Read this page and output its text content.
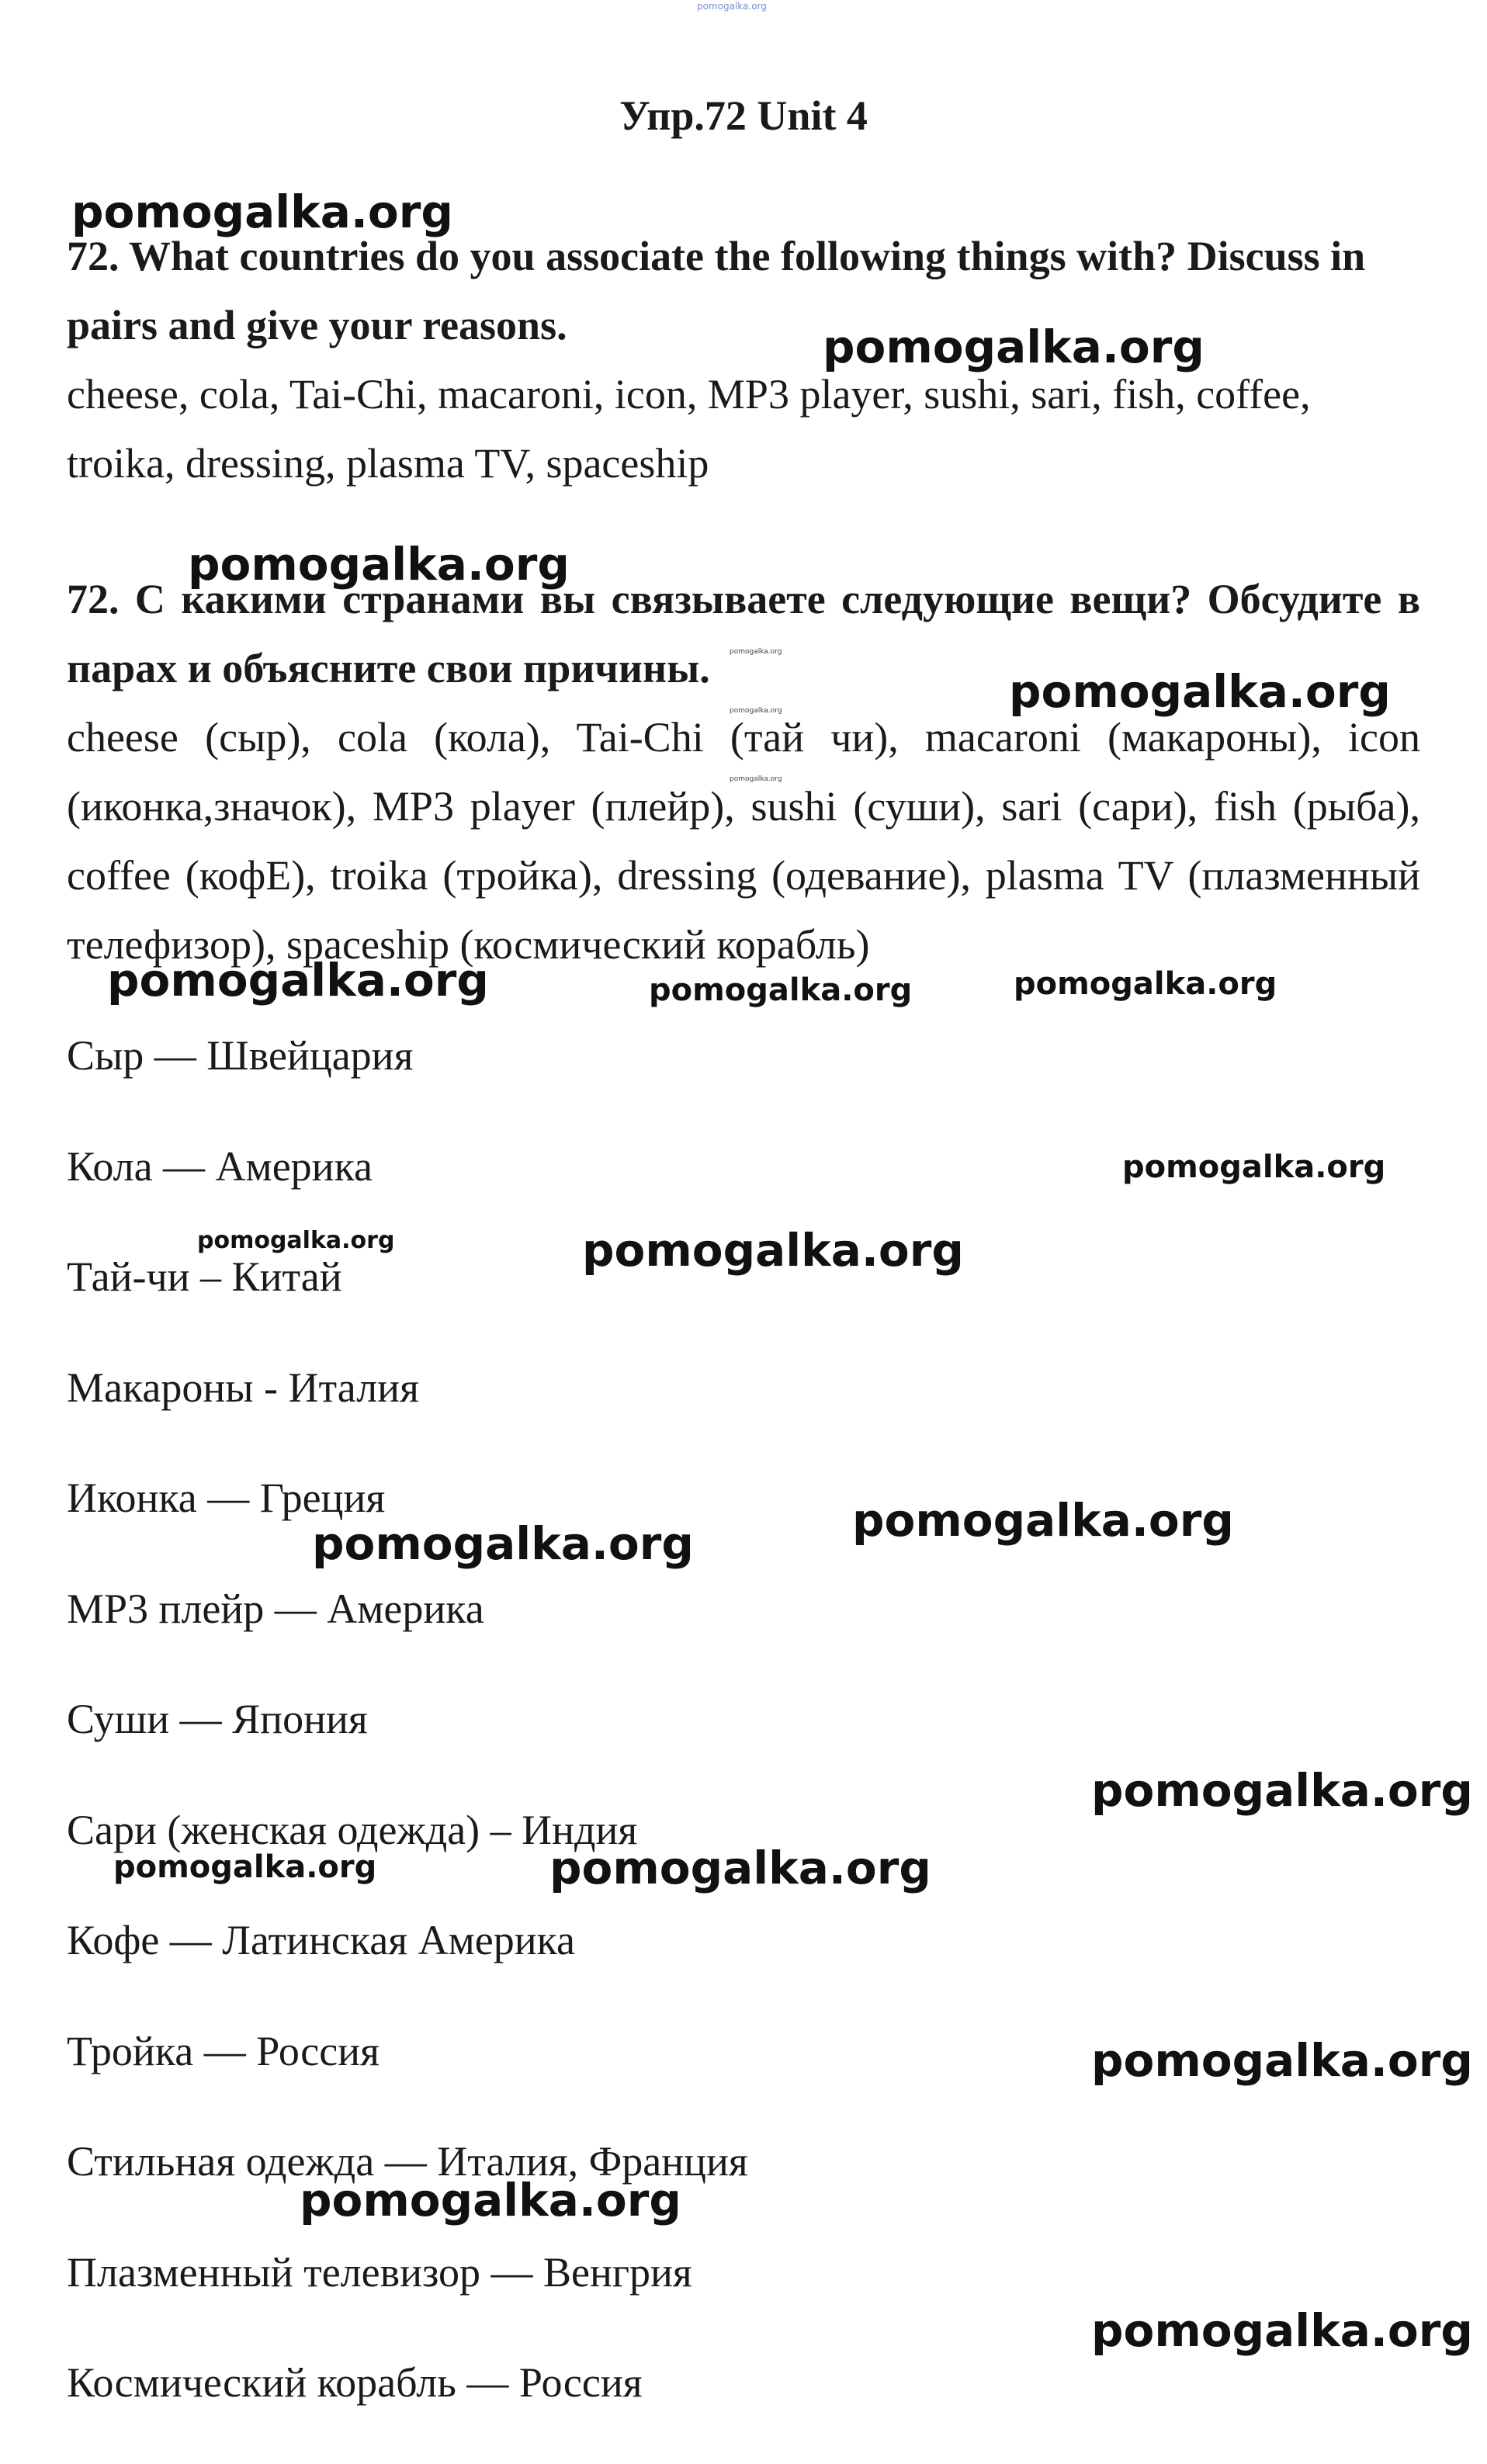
pomogalka.org
Упр.72 Unit 4

72. What countries do you associate the following things with? Discuss in pairs and give your reasons.

cheese, cola, Tai-Chi, macaroni, icon, MP3 player, sushi, sari, fish, coffee, troika, dressing, plasma TV, spaceship

72. С какими странами вы связываете следующие вещи? Обсудите в парах и объясните свои причины.

cheese (сыр), cola (кола), Tai-Chi (тай чи), macaroni (макароны), icon (иконка,значок), MP3 player (плейр), sushi (суши), sari (сари), fish (рыба), coffee (кофЕ), troika (тройка), dressing (одевание), plasma TV (плазменный телефизор), spaceship (космический корабль)

Сыр — Швейцария
Кола — Америка
Тай-чи – Китай
Макароны - Италия
Иконка — Греция
MP3 плейр — Америка
Суши — Япония
Сари (женская одежда) – Индия
Кофе — Латинская Америка
Тройка — Россия
Стильная одежда — Италия, Франция
Плазменный телевизор — Венгрия
Космический корабль — Россия
pomogalka.org
pomogalka.org
pomogalka.org
pomogalka.org
pomogalka.org
pomogalka.org
pomogalka.org
pomogalka.org	pomogalka.org	pomogalka.org
pomogalka.org
pomogalka.org	pomogalka.org
pomogalka.org
pomogalka.org
pomogalka.org
pomogalka.org	pomogalka.org
pomogalka.org
pomogalka.org
pomogalka.org
